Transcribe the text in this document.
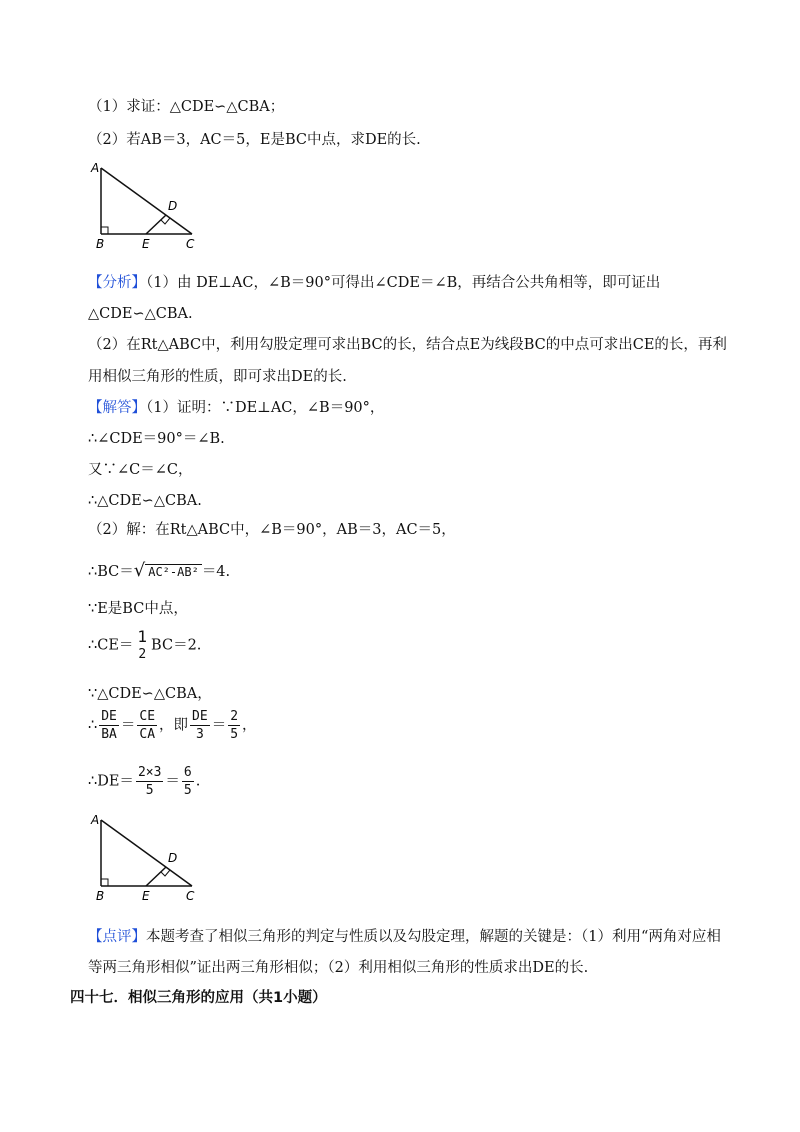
（1）求证：△CDE∽△CBA；
（2）若AB＝3，AC＝5，E是BC中点，求DE的长.
A
B	E	C
D
【分析】（1）由 DE⊥AC，∠B＝90°可得出∠CDE＝∠B，再结合公共角相等，即可证出
△CDE∽△CBA.
（2）在Rt△ABC中，利用勾股定理可求出BC的长，结合点E为线段BC的中点可求出CE的长，再利
用相似三角形的性质，即可求出DE的长.
【解答】（1）证明：∵DE⊥AC，∠B＝90°，
∴∠CDE＝90°＝∠B.
又∵∠C＝∠C，
∴△CDE∽△CBA.
（2）解：在Rt△ABC中，∠B＝90°，AB＝3，AC＝5，
∴BC＝√ AC²-AB² ＝4.
∵E是BC中点，
∴CE＝ 1
2
BC＝2.
∵△CDE∽△CBA，
∴ $\frac{DE}{BA} = \frac{CE}{CA}$ ，即 $\frac{DE}{3} = \frac{2}{5}$ ，
∴DE＝ $\frac{2\times 3}{5} = \frac{6}{5}$ .
A
B	E	C
D
【点评】本题考查了相似三角形的判定与性质以及勾股定理，解题的关键是：（1）利用“两角对应相
等两三角形相似”证出两三角形相似；（2）利用相似三角形的性质求出DE的长.
四十七．相似三角形的应用（共1小题）
